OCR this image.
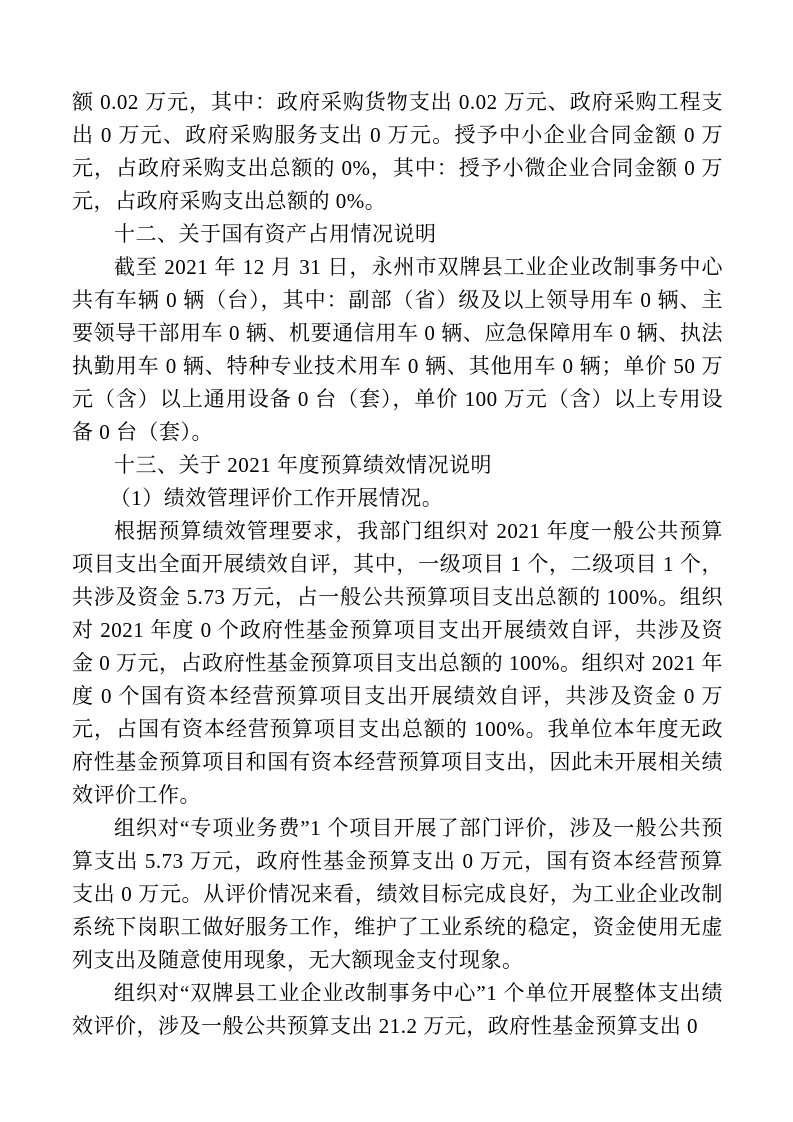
额 0.02 万元，其中：政府采购货物支出 0.02 万元、政府采购工程支出 0 万元、政府采购服务支出 0 万元。授予中小企业合同金额 0 万元，占政府采购支出总额的 0%，其中：授予小微企业合同金额 0 万元，占政府采购支出总额的 0%。

十二、关于国有资产占用情况说明

截至 2021 年 12 月 31 日，永州市双牌县工业企业改制事务中心共有车辆 0 辆（台），其中：副部（省）级及以上领导用车 0 辆、主要领导干部用车 0 辆、机要通信用车 0 辆、应急保障用车 0 辆、执法执勤用车 0 辆、特种专业技术用车 0 辆、其他用车 0 辆；单价 50 万元（含）以上通用设备 0 台（套），单价 100 万元（含）以上专用设备 0 台（套）。

十三、关于 2021 年度预算绩效情况说明
（1）绩效管理评价工作开展情况。

根据预算绩效管理要求，我部门组织对 2021 年度一般公共预算项目支出全面开展绩效自评，其中，一级项目 1 个，二级项目 1 个，共涉及资金 5.73 万元，占一般公共预算项目支出总额的 100%。组织对 2021 年度 0 个政府性基金预算项目支出开展绩效自评，共涉及资金 0 万元，占政府性基金预算项目支出总额的 100%。组织对 2021 年度 0 个国有资本经营预算项目支出开展绩效自评，共涉及资金 0 万元，占国有资本经营预算项目支出总额的 100%。我单位本年度无政府性基金预算项目和国有资本经营预算项目支出，因此未开展相关绩效评价工作。

组织对“专项业务费”1 个项目开展了部门评价，涉及一般公共预算支出 5.73 万元，政府性基金预算支出 0 万元，国有资本经营预算支出 0 万元。从评价情况来看，绩效目标完成良好，为工业企业改制系统下岗职工做好服务工作，维护了工业系统的稳定，资金使用无虚列支出及随意使用现象，无大额现金支付现象。

组织对“双牌县工业企业改制事务中心”1 个单位开展整体支出绩效评价，涉及一般公共预算支出 21.2 万元，政府性基金预算支出 0
